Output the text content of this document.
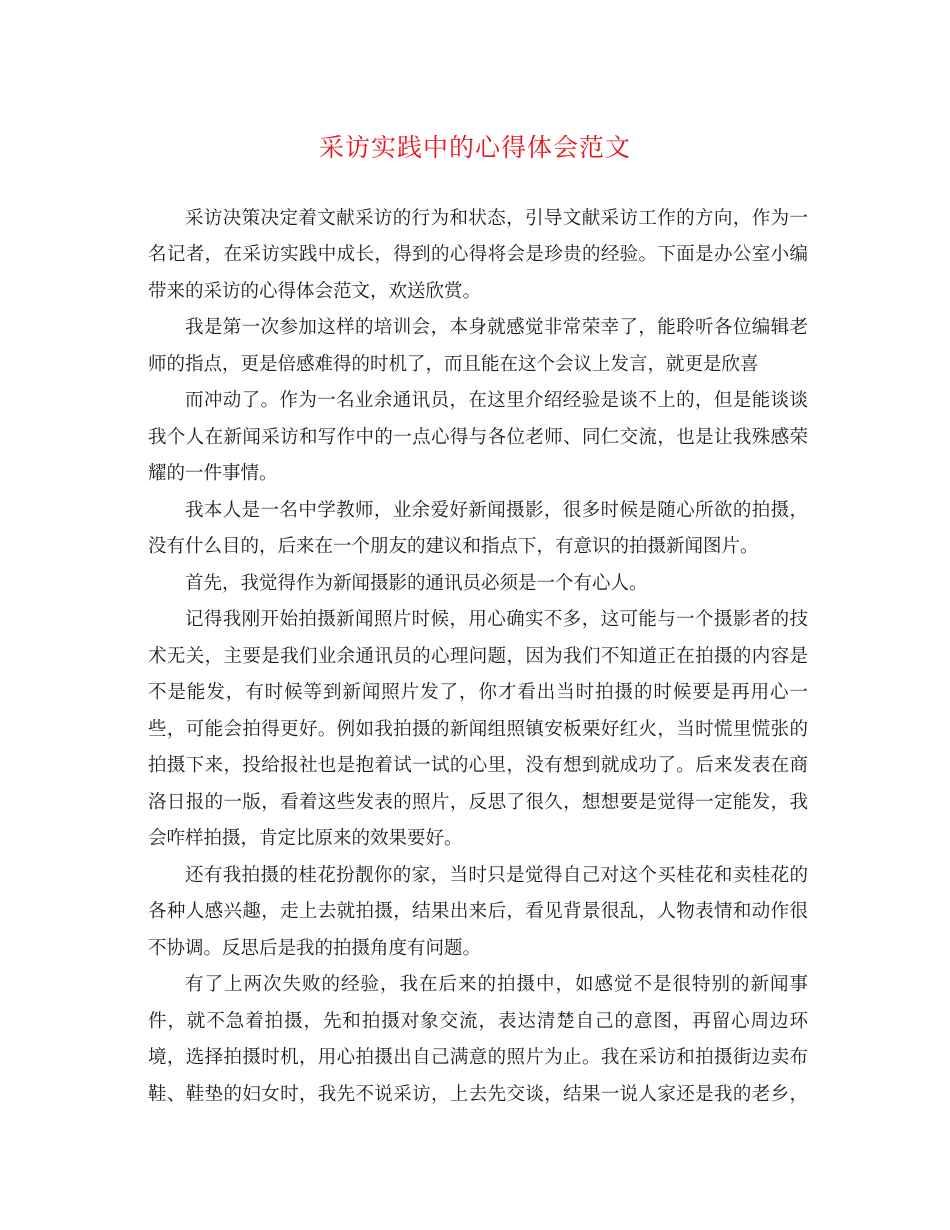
采访实践中的心得体会范文
采访决策决定着文献采访的行为和状态，引导文献采访工作的方向，作为一
名记者，在采访实践中成长，得到的心得将会是珍贵的经验。下面是办公室小编
带来的采访的心得体会范文，欢送欣赏。
我是第一次参加这样的培训会，本身就感觉非常荣幸了，能聆听各位编辑老
师的指点，更是倍感难得的时机了，而且能在这个会议上发言，就更是欣喜
而冲动了。作为一名业余通讯员，在这里介绍经验是谈不上的，但是能谈谈
我个人在新闻采访和写作中的一点心得与各位老师、同仁交流，也是让我殊感荣
耀的一件事情。
我本人是一名中学教师，业余爱好新闻摄影，很多时候是随心所欲的拍摄，
没有什么目的，后来在一个朋友的建议和指点下，有意识的拍摄新闻图片。
首先，我觉得作为新闻摄影的通讯员必须是一个有心人。
记得我刚开始拍摄新闻照片时候，用心确实不多，这可能与一个摄影者的技
术无关，主要是我们业余通讯员的心理问题，因为我们不知道正在拍摄的内容是
不是能发，有时候等到新闻照片发了，你才看出当时拍摄的时候要是再用心一
些，可能会拍得更好。例如我拍摄的新闻组照镇安板栗好红火，当时慌里慌张的
拍摄下来，投给报社也是抱着试一试的心里，没有想到就成功了。后来发表在商
洛日报的一版，看着这些发表的照片，反思了很久，想想要是觉得一定能发，我
会咋样拍摄，肯定比原来的效果要好。
还有我拍摄的桂花扮靓你的家，当时只是觉得自己对这个买桂花和卖桂花的
各种人感兴趣，走上去就拍摄，结果出来后，看见背景很乱，人物表情和动作很
不协调。反思后是我的拍摄角度有问题。
有了上两次失败的经验，我在后来的拍摄中，如感觉不是很特别的新闻事
件，就不急着拍摄，先和拍摄对象交流，表达清楚自己的意图，再留心周边环
境，选择拍摄时机，用心拍摄出自己满意的照片为止。我在采访和拍摄街边卖布
鞋、鞋垫的妇女时，我先不说采访，上去先交谈，结果一说人家还是我的老乡，
